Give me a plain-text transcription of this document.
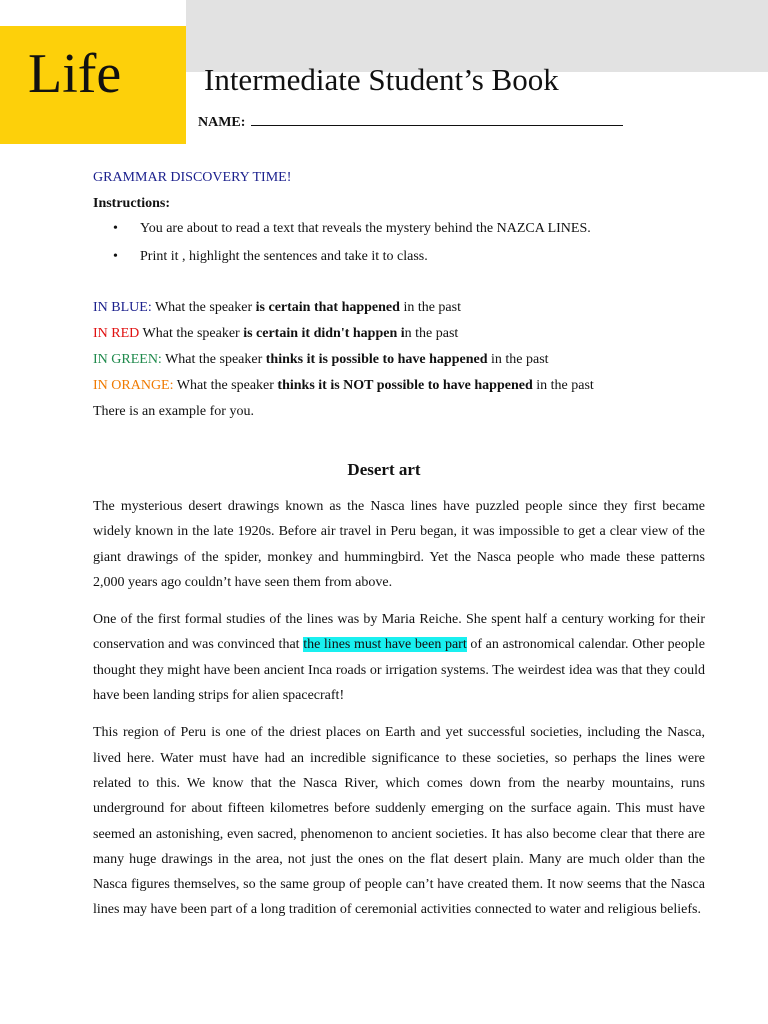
Life	Intermediate Student’s Book
NAME:
GRAMMAR DISCOVERY TIME!
Instructions:
• You are about to read a text that reveals the mystery behind the NAZCA LINES.
• Print it , highlight the sentences and take it to class.
IN BLUE: What the speaker is certain that happened in the past
IN RED What the speaker is certain it didn't happen in the past
IN GREEN: What the speaker thinks it is possible to have happened in the past
IN ORANGE: What the speaker thinks it is NOT possible to have happened in the past
There is an example for you.
Desert art

The mysterious desert drawings known as the Nasca lines have puzzled people since they first became widely known in the late 1920s. Before air travel in Peru began, it was impossible to get a clear view of the giant drawings of the spider, monkey and hummingbird. Yet the Nasca people who made these patterns 2,000 years ago couldn’t have seen them from above.

One of the first formal studies of the lines was by Maria Reiche. She spent half a century working for their conservation and was convinced that the lines must have been part of an astronomical calendar. Other people thought they might have been ancient Inca roads or irrigation systems. The weirdest idea was that they could have been landing strips for alien spacecraft!

This region of Peru is one of the driest places on Earth and yet successful societies, including the Nasca, lived here. Water must have had an incredible significance to these societies, so perhaps the lines were related to this. We know that the Nasca River, which comes down from the nearby mountains, runs underground for about fifteen kilometres before suddenly emerging on the surface again. This must have seemed an astonishing, even sacred, phenomenon to ancient societies. It has also become clear that there are many huge drawings in the area, not just the ones on the flat desert plain. Many are much older than the Nasca figures themselves, so the same group of people can’t have created them. It now seems that the Nasca lines may have been part of a long tradition of ceremonial activities connected to water and religious beliefs.
